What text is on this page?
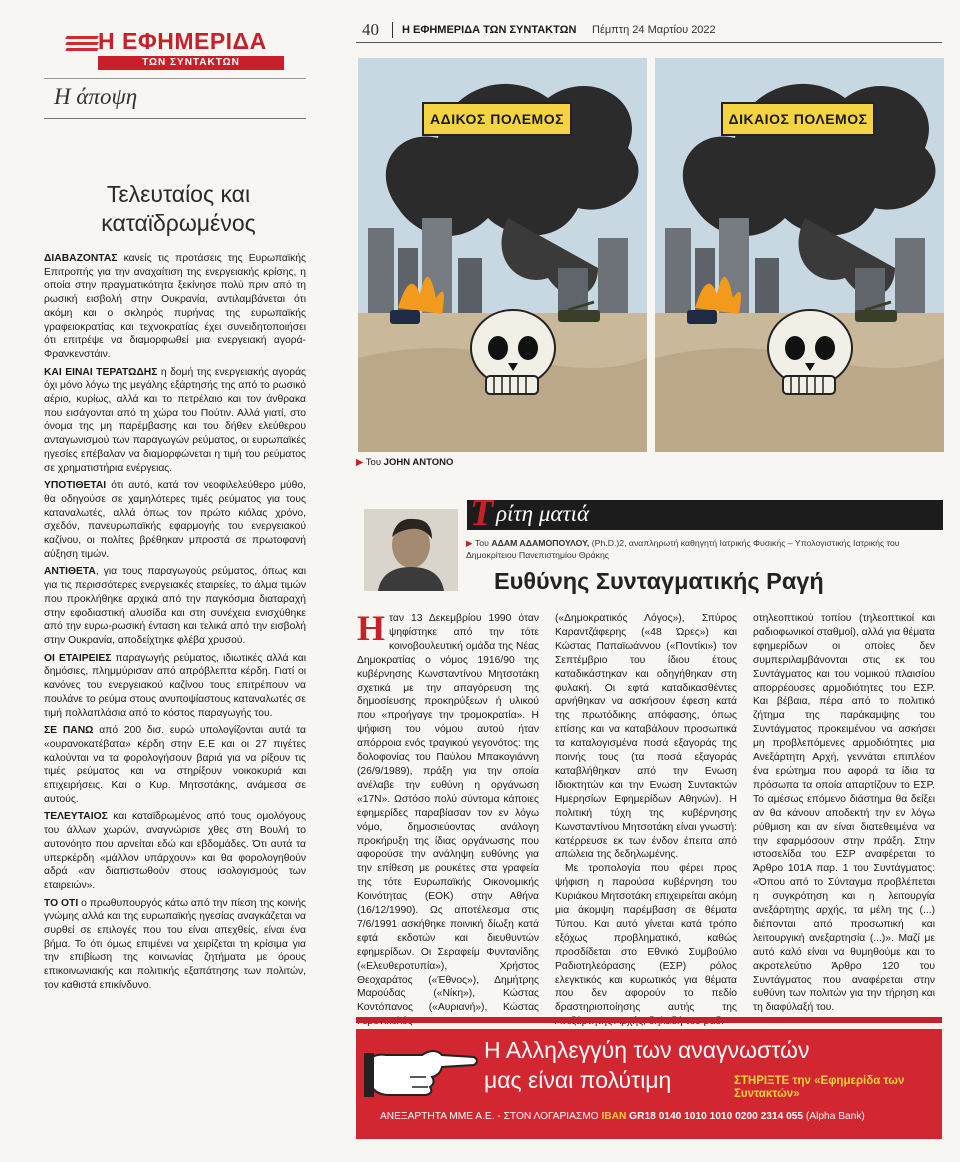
Η ΕΦΗΜΕΡΙΔΑ
ΤΩΝ ΣΥΝΤΑΚΤΩΝ
Η άποψη
Τελευταίος και
καταϊδρωμένος

ΔΙΑΒΑΖΟΝΤΑΣ κανείς τις προτάσεις της Ευρωπαϊκής Επιτροπής για την αναχαίτιση της ενεργειακής κρίσης, η οποία στην πραγματικότητα ξεκίνησε πολύ πριν από τη ρωσική εισβολή στην Ουκρανία, αντιλαμβάνεται ότι ακόμη και ο σκληρός πυρήνας της ευρωπαϊκής γραφειοκρατίας και τεχνοκρατίας έχει συνειδητοποιήσει ότι επιτρέψε να διαμορφωθεί μια ενεργειακή αγορά-Φρανκενστάιν.

ΚΑΙ ΕΙΝΑΙ ΤΕΡΑΤΩΔΗΣ η δομή της ενεργειακής αγοράς όχι μόνο λόγω της μεγάλης εξάρτησής της από το ρωσικό αέριο, κυρίως, αλλά και το πετρέλαιο και τον άνθρακα που εισάγονται από τη χώρα του Πούτιν. Αλλά γιατί, στο όνομα της μη παρέμβασης και του δήθεν ελεύθερου ανταγωνισμού των παραγωγών ρεύματος, οι ευρωπαϊκές ηγεσίες επέβαλαν να διαμορφώνεται η τιμή του ρεύματος σε χρηματιστήρια ενέργειας.

ΥΠΟΤΙΘΕΤΑΙ ότι αυτό, κατά τον νεοφιλελεύθερο μύθο, θα οδηγούσε σε χαμηλότερες τιμές ρεύματος για τους καταναλωτές, αλλά όπως τον πρώτο κιόλας χρόνο, σχεδόν, πανευρωπαϊκής εφαρμογής του ενεργειακού καζίνου, οι πολίτες βρέθηκαν μπροστά σε πρωτοφανή αύξηση τιμών.

ΑΝΤΙΘΕΤΑ, για τους παραγωγούς ρεύματος, όπως και για τις περισσότερες ενεργειακές εταιρείες, το άλμα τιμών που προκλήθηκε αρχικά από την παγκόσμια διαταραχή στην εφοδιαστική αλυσίδα και στη συνέχεια ενισχύθηκε από την ευρω-ρωσική ένταση και τελικά από την εισβολή στην Ουκρανία, αποδείχτηκε φλέβα χρυσού.

ΟΙ ΕΤΑΙΡΕΙΕΣ παραγωγής ρεύματος, ιδιωτικές αλλά και δημόσιες, πλημμύρισαν από απρόβλεπτα κέρδη. Γιατί οι κανόνες του ενεργειακού καζίνου τους επιτρέπουν να πουλάνε το ρεύμα στους ανυποψίαστους καταναλωτές σε τιμή πολλαπλάσια από το κόστος παραγωγής του.

ΣΕ ΠΑΝΩ από 200 δισ. ευρώ υπολογίζονται αυτά τα «ουρανοκατέβατα» κέρδη στην Ε.Ε και οι 27 πιγέτες καλούνται να τα φορολογήσουν βαριά για να ρίξουν τις τιμές ρεύματος και να στηρίξουν νοικοκυριά και επιχειρήσεις. Και ο Κυρ. Μητσοτάκης, ανάμεσα σε αυτούς.

ΤΕΛΕΥΤΑΙΟΣ και καταϊδρωμένος από τους ομολόγους του άλλων χωρών, αναγνώρισε χθες στη Βουλή το αυτονόητο που αρνείται εδώ και εβδομάδες. Ότι αυτά τα υπερκέρδη «μάλλον υπάρχουν» και θα φορολογηθούν αδρά «αν διαπιστωθούν στους ισολογισμούς των εταιρειών».

ΤΟ ΟΤΙ ο πρωθυπουργός κάτω από την πίεση της κοινής γνώμης αλλά και της ευρωπαϊκής ηγεσίας αναγκάζεται να συρθεί σε επιλογές που του είναι απεχθείς, είναι ένα βήμα. Το ότι όμως επιμένει να χειρίζεται τη κρίσιμα για την επιβίωση της κοινωνίας ζητήματα με όρους επικοινωνιακής και πολιτικής εξαπάτησης των πολιτών, τον καθιστά επικίνδυνο.

40 Η ΕΦΗΜΕΡΙΔΑ ΤΩΝ ΣΥΝΤΑΚΤΩΝ Πέμπτη 24 Μαρτίου 2022
ΑΔΙΚΟΣ ΠΟΛΕΜΟΣ	ΔΙΚΑΙΟΣ ΠΟΛΕΜΟΣ
▶ Του JOHN ANTONO
Τ ρίτη ματιά
▶ Του ΑΔΑΜ ΑΔΑΜΟΠΟΥΛΟΥ, (Ph.D.)2, αναπληρωτή καθηγητή Ιατρικής Φυσικής – Υπολογιστικής Ιατρικής του Δημοκρίτειου Πανεπιστημίου Θράκης
Ευθύνης Συνταγματικής Ραγή
Ηταν 13 Δεκεμβρίου 1990 όταν ψηφίστηκε από την τότε κοινοβουλευτική ομάδα της Νέας Δημοκρατίας ο νόμος 1916/90 της κυβέρνησης Κωνσταντίνου Μητσοτάκη σχετικά με την απαγόρευση της δημοσίευσης προκηρύξεων ή υλικού που «προήγαγε την τρομοκρατία». Η ψήφιση του νόμου αυτού ήταν απόρροια ενός τραγικού γεγονότος: της δολοφονίας του Παύλου Μπακογιάννη (26/9/1989), πράξη για την οποία ανέλαβε την ευθύνη η οργάνωση «17Ν». Ωστόσο πολύ σύντομα κάποιες εφημερίδες παραβίασαν τον εν λόγω νόμο, δημοσιεύοντας ανάλογη προκήρυξη της ίδιας οργάνωσης που αφορούσε την ανάληψη ευθύνης για την επίθεση με ρουκέτες στα γραφεία της τότε Ευρωπαϊκής Οικονομικής Κοινότητας (ΕΟΚ) στην Αθήνα (16/12/1990). Ως αποτέλεσμα στις 7/6/1991 ασκήθηκε ποινική δίωξη κατά εφτά εκδοτών και διευθυντών εφημερίδων. Οι Σεραφείμ Φυντανίδης («Ελευθεροτυπία»), Χρήστος Θεοχαράτος («Έθνος»), Δημήτρης Μαρούδας («Νίκη»), Κώστας Κοντόπανος («Αυριανή»), Κώστας

(«Δημοκρατικός Λόγος»), Σπύρος Καραντζάφερης («48 Ώρες») και Κώστας Παπαϊωάννου («Ποντίκι») τον Σεπτέμβριο του ίδιου έτους καταδικάστηκαν και οδηγήθηκαν στη φυλακή. Οι εφτά καταδικασθέντες αρνήθηκαν να ασκήσουν έφεση κατά της πρωτόδικης απόφασης, όπως επίσης και να καταβάλουν προσωπικά τα καταλογισμένα ποσά εξαγοράς της ποινής τους (τα ποσά εξαγοράς καταβλήθηκαν από την Ενωση Ιδιοκτητών και την Ενωση Συντακτών Ημερησίων Εφημερίδων Αθηνών). Η πολιτική τύχη της κυβέρνησης Κωνσταντίνου Μητσοτάκη είναι γνωστή: κατέρρευσε εκ των ένδον έπειτα από απώλεια της δεδηλωμένης.

Με τροπολογία που φέρει προς ψήφιση η παρούσα κυβέρνηση του Κυριάκου Μητσοτάκη επιχειρείται ακόμη μια άκομψη παρέμβαση σε θέματα Τύπου. Και αυτό γίνεται κατά τρόπο εξόχως προβληματικό, καθώς προσδίδεται στο Εθνικό Συμβούλιο Ραδιοτηλεόρασης (ΕΣΡ) ρόλος ελεγκτικός και κυρωτικός για θέματα που δεν αφορούν το πεδίο δραστηριοποίησης αυτής της

οτηλεοπτικού τοπίου (τηλεοπτικοί και ραδιοφωνικοί σταθμοί), αλλά για θέματα εφημερίδων οι οποίες δεν συμπεριλαμβάνονται στις εκ του Συντάγματος και του νομικού πλαισίου απορρέουσες αρμοδιότητες του ΕΣΡ. Και βέβαια, πέρα από το πολιτικό ζήτημα της παράκαμψης του Συντάγματος προκειμένου να ασκήσει μη προβλεπόμενες αρμοδιότητες μια Ανεξάρτητη Αρχή, γεννάται επιπλέον ένα ερώτημα που αφορά τα ίδια τα πρόσωπα τα οποία απαρτίζουν το ΕΣΡ. Το αμέσως επόμενο διάστημα θα δείξει αν θα κάνουν αποδεκτή την εν λόγω ρύθμιση και αν είναι διατεθειμένα να την εφαρμόσουν στην πράξη. Στην ιστοσελίδα του ΕΣΡ αναφέρεται το Άρθρο 101Α παρ. 1 του Συντάγματος: «Όπου από το Σύνταγμα προβλέπεται η συγκρότηση και η λειτουργία ανεξάρτητης αρχής, τα μέλη της (...) διέπονται από προσωπική και λειτουργική ανεξαρτησία (...)». Μαζί με αυτό καλό είναι να θυμηθούμε και το ακροτελεύτιο Άρθρο 120 του Συντάγματος που αναφέρεται στην ευθύνη των πολιτών για την τήρηση και τη διαφύλαξή του.

Η Αλληλεγγύη των αναγνωστών
μας είναι πολύτιμη	ΣΤΗΡΙΞΤΕ την «Εφημερίδα των Συντακτών»
ΑΝΕΞΑΡΤΗΤΑ ΜΜΕ Α.Ε. - ΣΤΟΝ ΛΟΓΑΡΙΑΣΜΟ IBAN GR18 0140 1010 1010 0200 2314 055 (Alpha Bank)
